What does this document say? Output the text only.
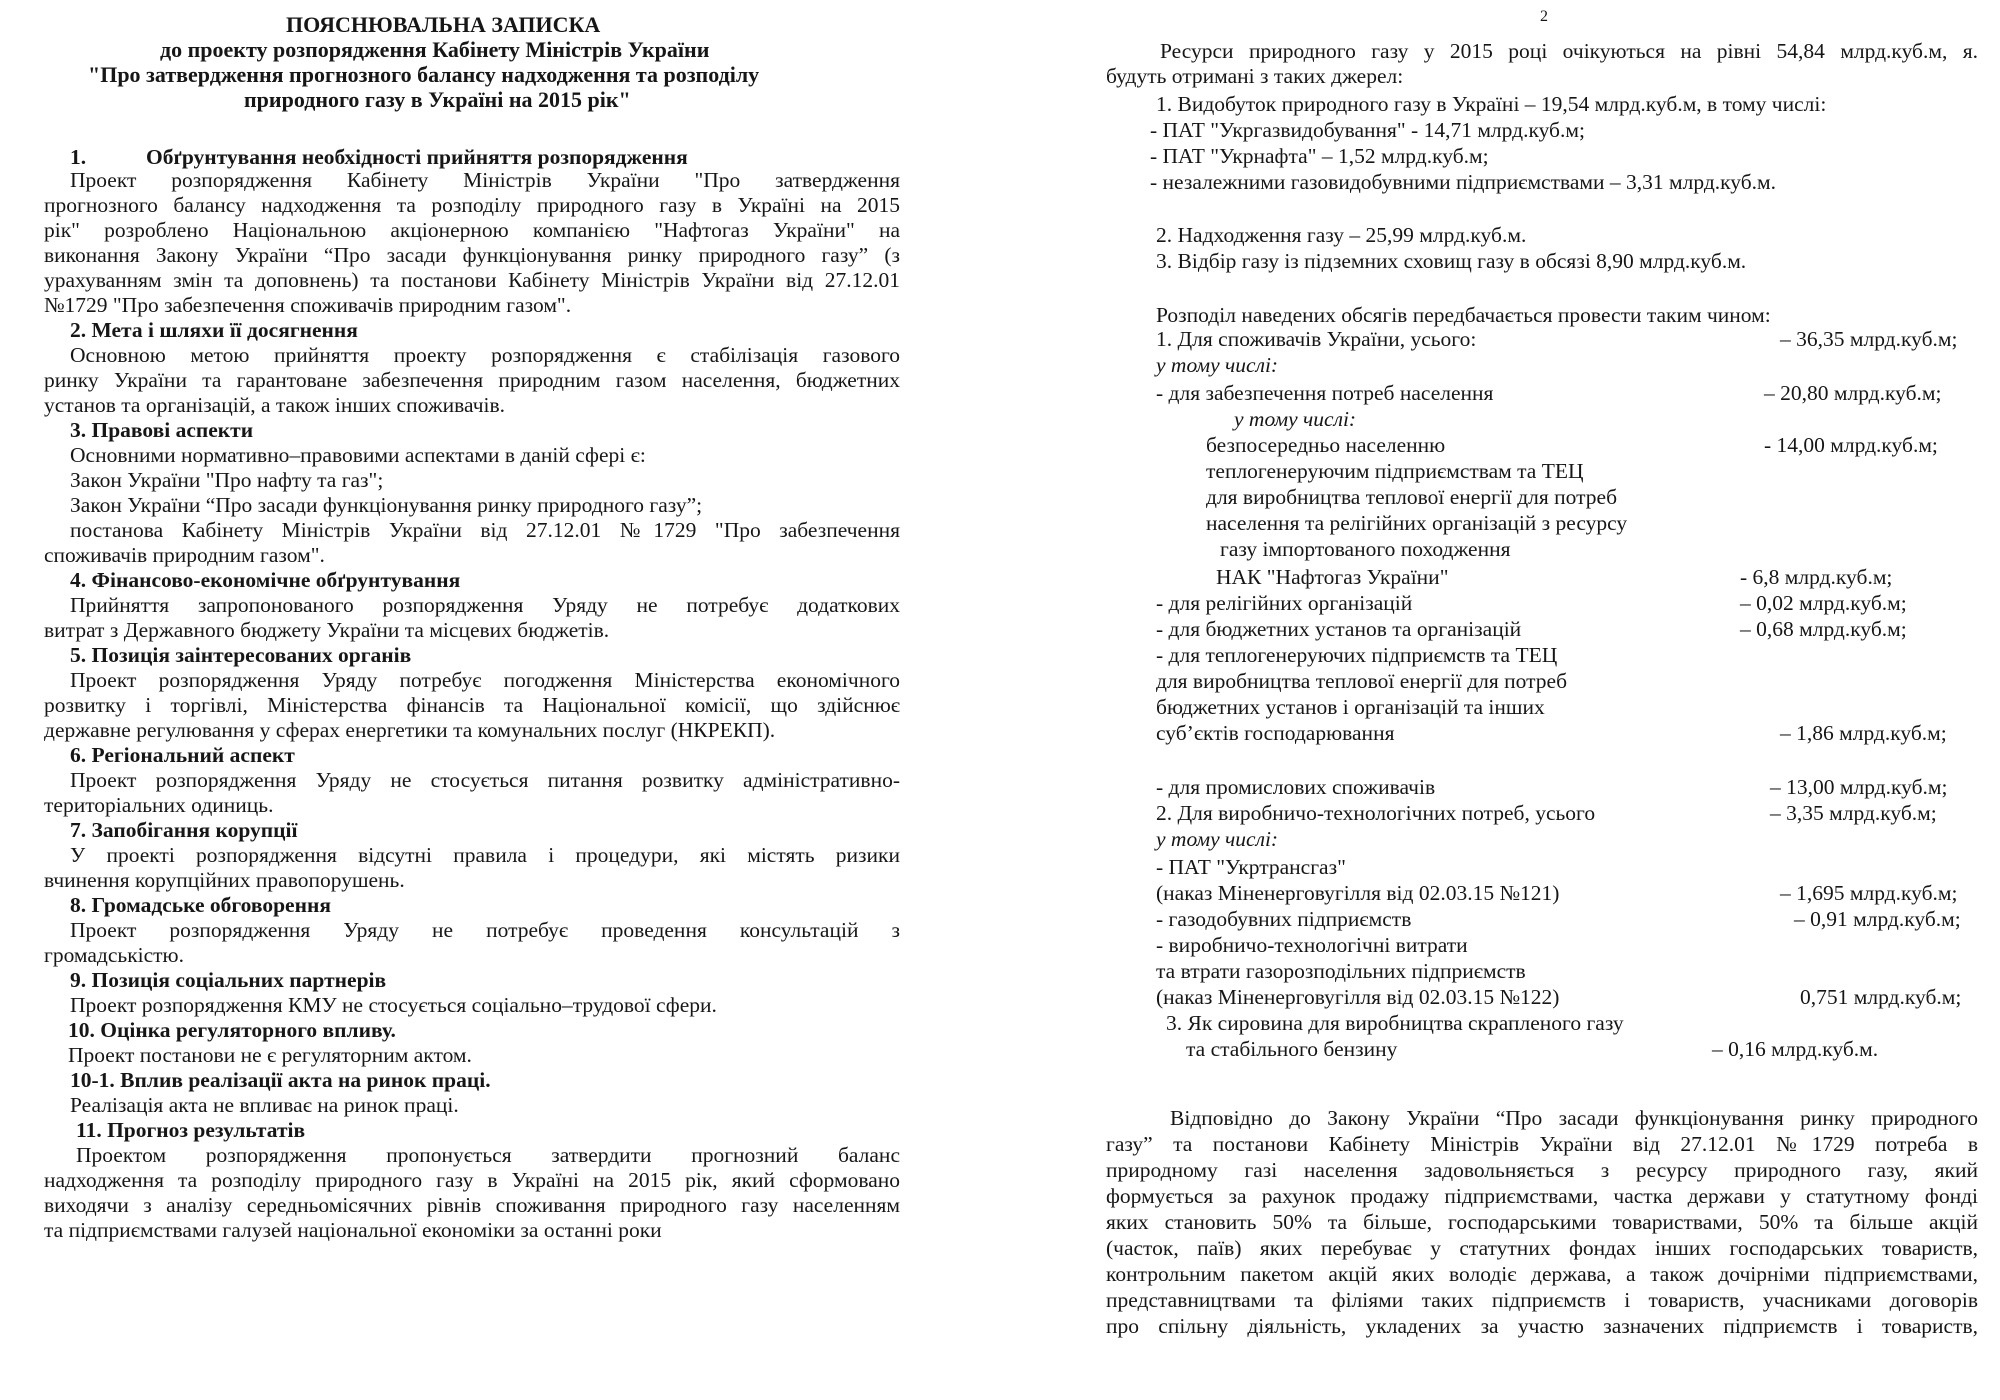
ПОЯСНЮВАЛЬНА ЗАПИСКА
до проекту розпорядження Кабінету Міністрів України
"Про затвердження прогнозного балансу надходження та розподілу
природного газу в Україні на 2015 рік"
1.	Обґрунтування необхідності прийняття розпорядження
Проект розпорядження Кабінету Міністрів України "Про затвердження
прогнозного балансу надходження та розподілу природного газу в Україні на 2015
рік" розроблено Національною акціонерною компанією "Нафтогаз України" на
виконання Закону України “Про засади функціонування ринку природного газу” (з
урахуванням змін та доповнень) та постанови Кабінету Міністрів України від 27.12.01
№1729 "Про забезпечення споживачів природним газом".
2. Мета і шляхи її досягнення
Основною метою прийняття проекту розпорядження є стабілізація газового
ринку України та гарантоване забезпечення природним газом населення, бюджетних
установ та організацій, а також інших споживачів.
3. Правові аспекти
Основними нормативно–правовими аспектами в даній сфері є:
Закон України "Про нафту та газ";
Закон України “Про засади функціонування ринку природного газу”;
постанова Кабінету Міністрів України від 27.12.01 №1729 "Про забезпечення
споживачів природним газом".
4. Фінансово-економічне обґрунтування
Прийняття запропонованого розпорядження Уряду не потребує додаткових
витрат з Державного бюджету України та місцевих бюджетів.
5. Позиція заінтересованих органів
Проект розпорядження Уряду потребує погодження Міністерства економічного
розвитку і торгівлі, Міністерства фінансів та Національної комісії, що здійснює
державне регулювання у сферах енергетики та комунальних послуг (НКРЕКП).
6. Регіональний аспект
Проект розпорядження Уряду не стосується питання розвитку адміністративно-
територіальних одиниць.
7. Запобігання корупції
У проекті розпорядження відсутні правила і процедури, які містять ризики
вчинення корупційних правопорушень.
8. Громадське обговорення
Проект розпорядження Уряду не потребує проведення консультацій з
громадськістю.
9. Позиція соціальних партнерів
Проект розпорядження КМУ не стосується соціально–трудової сфери.
10. Оцінка регуляторного впливу.
Проект постанови не є регуляторним актом.
10-1. Вплив реалізації акта на ринок праці.
Реалізація акта не впливає на ринок праці.
11. Прогноз результатів
Проектом розпорядження пропонується затвердити прогнозний баланс
надходження та розподілу природного газу в Україні на 2015 рік, який сформовано
виходячи з аналізу середньомісячних рівнів споживання природного газу населенням
та підприємствами галузей національної економіки за останні роки
2
Ресурси природного газу у 2015 році очікуються на рівні 54,84 млрд.куб.м, я.
будуть отримані з таких джерел:
1. Видобуток природного газу в Україні – 19,54 млрд.куб.м, в тому числі:
- ПАТ "Укргазвидобування" - 14,71 млрд.куб.м;
- ПАТ "Укрнафта" – 1,52 млрд.куб.м;
- незалежними газовидобувними підприємствами – 3,31 млрд.куб.м.
2. Надходження газу – 25,99 млрд.куб.м.
3. Відбір газу із підземних сховищ газу в обсязі 8,90 млрд.куб.м.
Розподіл наведених обсягів передбачається провести таким чином:
1. Для споживачів України, усього:	– 36,35 млрд.куб.м;
у тому числі:
- для забезпечення потреб населення	– 20,80 млрд.куб.м;
у тому числі:
безпосередньо населенню	- 14,00 млрд.куб.м;
теплогенеруючим підприємствам та ТЕЦ
для виробництва теплової енергії для потреб
населення та релігійних організацій з ресурсу
газу імпортованого походження
НАК "Нафтогаз України"	- 6,8 млрд.куб.м;
- для релігійних організацій	– 0,02 млрд.куб.м;
- для бюджетних установ та організацій	– 0,68 млрд.куб.м;
- для теплогенеруючих підприємств та ТЕЦ
для виробництва теплової енергії для потреб
бюджетних установ і організацій та інших
суб’єктів господарювання	– 1,86 млрд.куб.м;
- для промислових споживачів	– 13,00 млрд.куб.м;
2. Для виробничо-технологічних потреб, усього	– 3,35 млрд.куб.м;
у тому числі:
- ПАТ "Укртрансгаз"
(наказ Міненерговугілля від 02.03.15 №121)	– 1,695 млрд.куб.м;
- газодобувних підприємств	– 0,91 млрд.куб.м;
- виробничо-технологічні витрати
та втрати газорозподільних підприємств
(наказ Міненерговугілля від 02.03.15 №122)	0,751 млрд.куб.м;
3. Як сировина для виробництва скрапленого газу
та стабільного бензину	– 0,16 млрд.куб.м.
Відповідно до Закону України “Про засади функціонування ринку природного
газу” та постанови Кабінету Міністрів України від 27.12.01 №1729 потреба в
природному газі населення задовольняється з ресурсу природного газу, який
формується за рахунок продажу підприємствами, частка держави у статутному фонді
яких становить 50% та більше, господарськими товариствами, 50% та більше акцій
(часток, паїв) яких перебуває у статутних фондах інших господарських товариств,
контрольним пакетом акцій яких володіє держава, а також дочірніми підприємствами,
представництвами та філіями таких підприємств і товариств, учасниками договорів
про спільну діяльність, укладених за участю зазначених підприємств і товариств,
